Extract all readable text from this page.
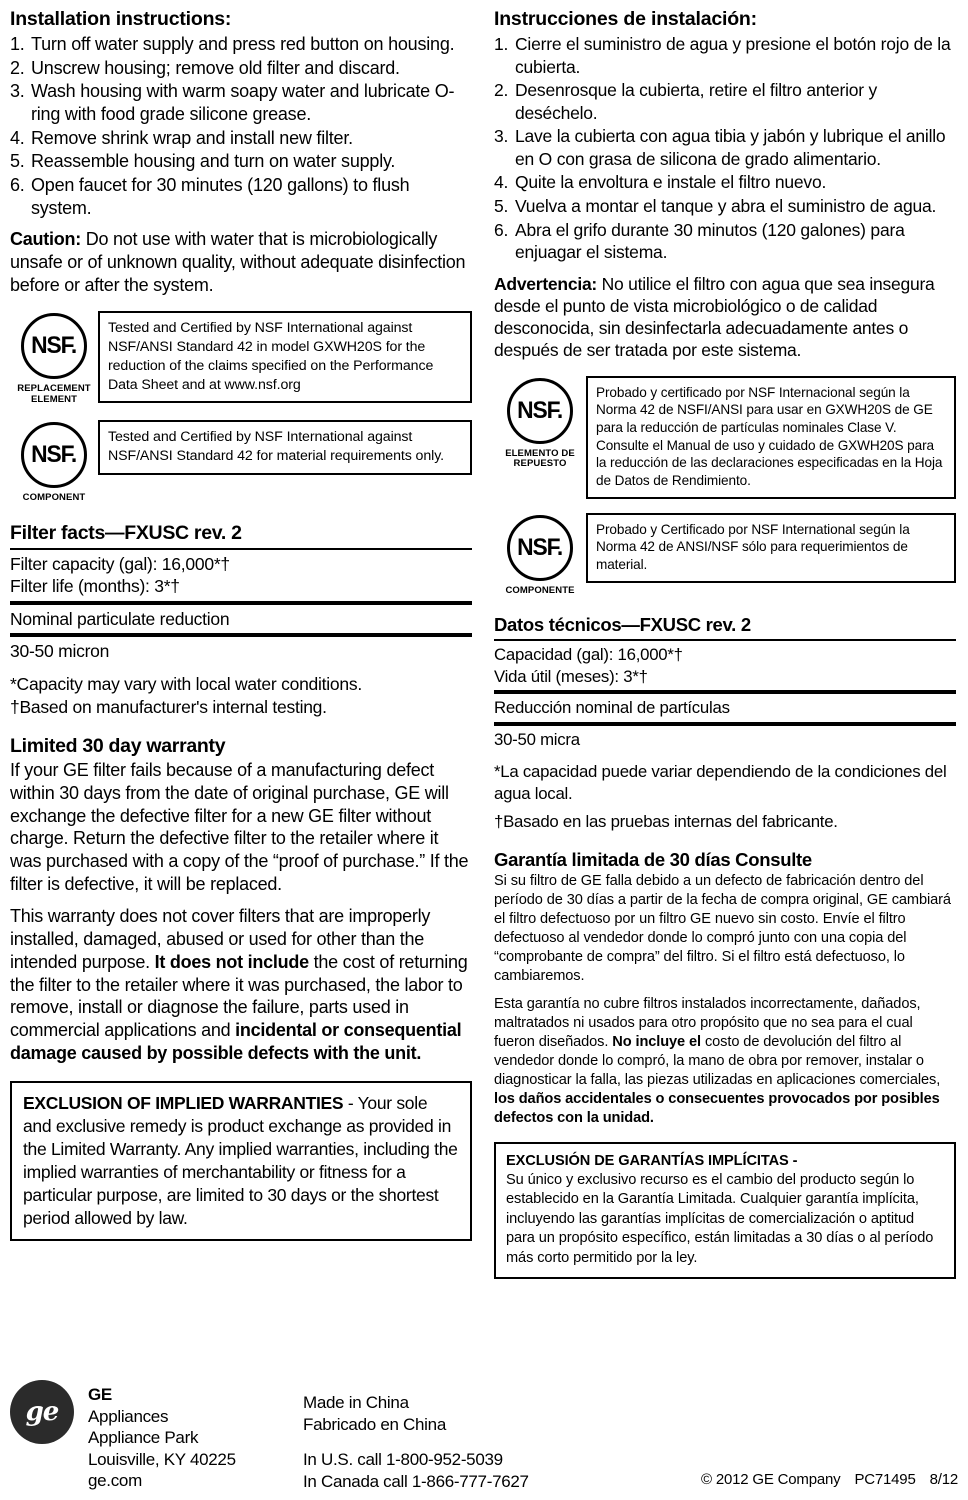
Installation instructions:
1. Turn off water supply and press red button on housing.
2. Unscrew housing; remove old filter and discard.
3. Wash housing with warm soapy water and lubricate O-ring with food grade silicone grease.
4. Remove shrink wrap and install new filter.
5. Reassemble housing and turn on water supply.
6. Open faucet for 30 minutes (120 gallons) to flush system.

Caution: Do not use with water that is microbiologically unsafe or of unknown quality, without adequate disinfection before or after the system.

NSF.
REPLACEMENT ELEMENT

Tested and Certified by NSF International against NSF/ANSI Standard 42 in model GXWH20S for the reduction of the claims specified on the Performance Data Sheet and at www.nsf.org

NSF.
COMPONENT

Tested and Certified by NSF International against NSF/ANSI Standard 42 for material requirements only.

Filter facts—FXUSC rev. 2
Filter capacity (gal): 16,000*†
Filter life (months): 3*†
Nominal particulate reduction
30-50 micron
*Capacity may vary with local water conditions.
†Based on manufacturer's internal testing.
Limited 30 day warranty

If your GE filter fails because of a manufacturing defect within 30 days from the date of original purchase, GE will exchange the defective filter for a new GE filter without charge. Return the defective filter to the retailer where it was purchased with a copy of the “proof of purchase.” If the filter is defective, it will be replaced.

This warranty does not cover filters that are improperly installed, damaged, abused or used for other than the intended purpose. It does not include the cost of returning the filter to the retailer where it was purchased, the labor to remove, install or diagnose the failure, parts used in commercial applications and incidental or consequential damage caused by possible defects with the unit.

EXCLUSION OF IMPLIED WARRANTIES - Your sole and exclusive remedy is product exchange as provided in the Limited Warranty. Any implied warranties, including the implied warranties of merchantability or fitness for a particular purpose, are limited to 30 days or the shortest period allowed by law.
Instrucciones de instalación:
1. Cierre el suministro de agua y presione el botón rojo de la cubierta.
2. Desenrosque la cubierta, retire el filtro anterior y deséchelo.
3. Lave la cubierta con agua tibia y jabón y lubrique el anillo en O con grasa de silicona de grado alimentario.
4. Quite la envoltura e instale el filtro nuevo.
5. Vuelva a montar el tanque y abra el suministro de agua.
6. Abra el grifo durante 30 minutos (120 galones) para enjuagar el sistema.

Advertencia: No utilice el filtro con agua que sea insegura desde el punto de vista microbiológico o de calidad desconocida, sin desinfectarla adecuadamente antes o después de ser tratada por este sistema.

NSF.
ELEMENTO DE REPUESTO

Probado y certificado por NSF Internacional según la Norma 42 de NSFI/ANSI para usar en GXWH20S de GE para la reducción de partículas nominales Clase V. Consulte el Manual de uso y cuidado de GXWH20S para la reducción de las declaraciones especificadas en la Hoja de Datos de Rendimiento.

NSF.
COMPONENTE

Probado y Certificado por NSF International según la Norma 42 de ANSI/NSF sólo para requerimientos de material.

Datos técnicos—FXUSC rev. 2
Capacidad (gal): 16,000*†
Vida útil (meses): 3*†
Reducción nominal de partículas
30-50 micra
*La capacidad puede variar dependiendo de la condiciones del agua local.
†Basado en las pruebas internas del fabricante.
Garantía limitada de 30 días Consulte

Si su filtro de GE falla debido a un defecto de fabricación dentro del período de 30 días a partir de la fecha de compra original, GE cambiará el filtro defectuoso por un filtro GE nuevo sin costo. Envíe el filtro defectuoso al vendedor donde lo compró junto con una copia del “comprobante de compra” del filtro. Si el filtro está defectuoso, lo cambiaremos.

Esta garantía no cubre filtros instalados incorrectamente, dañados, maltratados ni usados para otro propósito que no sea para el cual fueron diseñados. No incluye el costo de devolución del filtro al vendedor donde lo compró, la mano de obra por remover, instalar o diagnosticar la falla, las piezas utilizadas en aplicaciones comerciales, los daños accidentales o consecuentes provocados por posibles defectos con la unidad.

EXCLUSIÓN DE GARANTÍAS IMPLÍCITAS -
Su único y exclusivo recurso es el cambio del producto según lo establecido en la Garantía Limitada. Cualquier garantía implícita, incluyendo las garantías implícitas de comercialización o aptitud para un propósito específico, están limitadas a 30 días o al período más corto permitido por la ley.
ge
GE
Appliances
Appliance Park
Louisville, KY 40225
ge.com
Made in China
Fabricado en China
In U.S. call 1-800-952-5039
In Canada call 1-866-777-7627	© 2012 GE Company PC71495 8/12
